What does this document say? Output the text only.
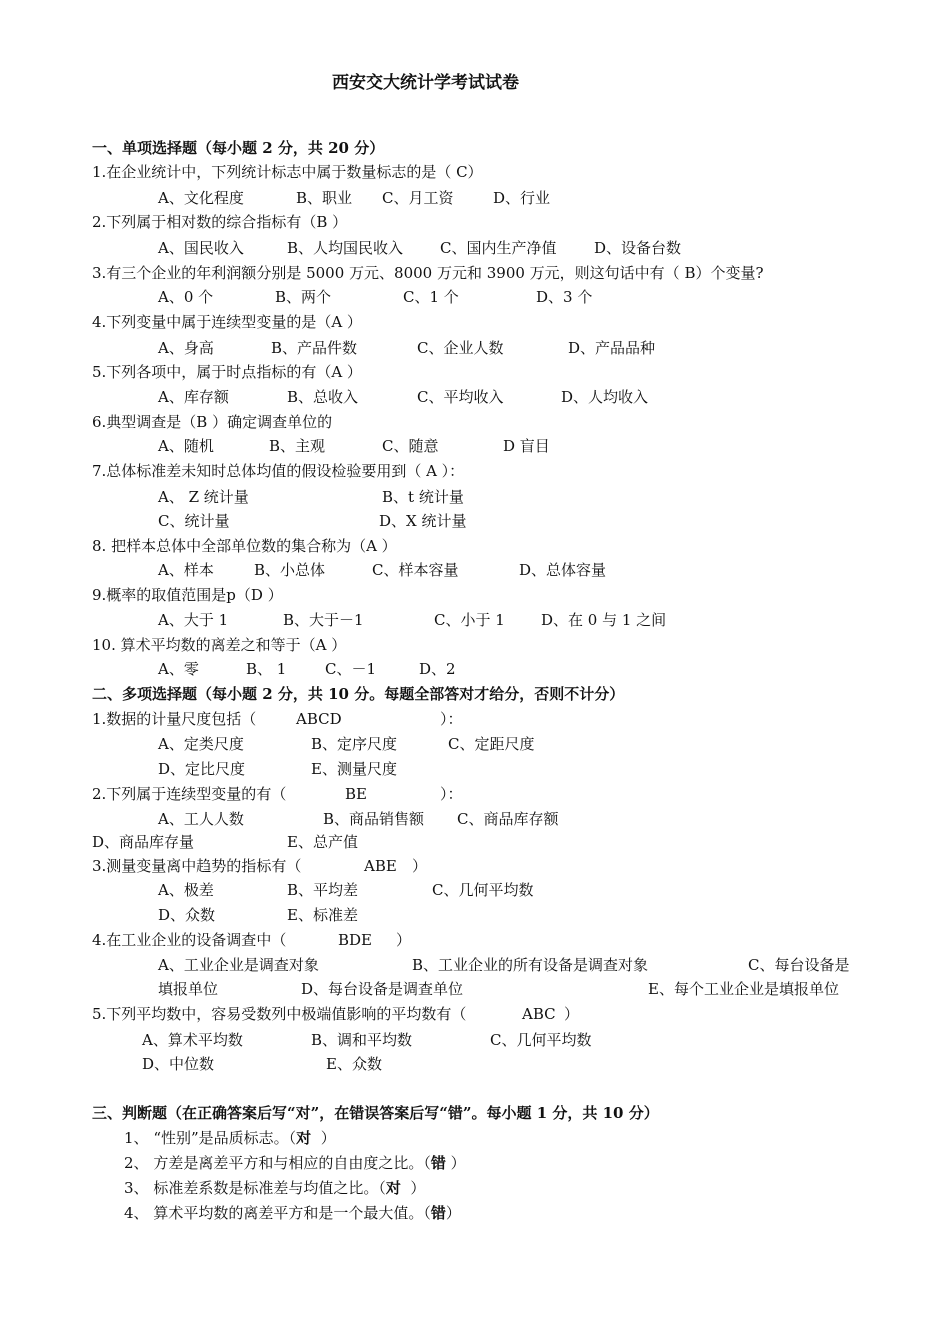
西安交大统计学考试试卷
一、单项选择题（每小题 2 分，共 20 分）
1.在企业统计中，下列统计标志中属于数量标志的是（ C）
A、文化程度	B、职业 C、月工资	D、行业
2.下列属于相对数的综合指标有（B ）
A、国民收入	B、人均国民收入 C、国内生产净值	D、设备台数
3.有三个企业的年利润额分别是 5000 万元、8000 万元和 3900 万元，则这句话中有（ B）个变量?
A、0 个	B、两个	C、1 个	D、3 个
4.下列变量中属于连续型变量的是（A ）
A、身高	B、产品件数	C、企业人数	D、产品品种
5.下列各项中，属于时点指标的有（A ）
A、库存额	B、总收入	C、平均收入	D、人均收入
6.典型调查是（B ）确定调查单位的
A、随机	B、主观	C、随意	D 盲目
7.总体标准差未知时总体均值的假设检验要用到（ A ）：
A、 Z 统计量	B、t 统计量
C、统计量	D、X 统计量
8. 把样本总体中全部单位数的集合称为（A ）
A、样本	B、小总体	C、样本容量	D、总体容量
9.概率的取值范围是p（D ）
A、大于 1	B、大于－1	C、小于 1 D、在 0 与 1 之间
10. 算术平均数的离差之和等于（A ）
A、零	B、 1	C、－1	D、2
二、多项选择题（每小题 2 分，共 10 分。每题全部答对才给分，否则不计分）
1.数据的计量尺度包括（	ABCD	）：
A、定类尺度	B、定序尺度	C、定距尺度
D、定比尺度	E、测量尺度
2.下列属于连续型变量的有（	BE	）：
A、工人人数	B、商品销售额 C、商品库存额
D、商品库存量	E、总产值
3.测量变量离中趋势的指标有（	ABE ）
A、极差	B、平均差	C、几何平均数
D、众数	E、标准差
4.在工业企业的设备调查中（	BDE ）
A、工业企业是调查对象	B、工业企业的所有设备是调查对象	C、每台设备是
填报单位	D、每台设备是调查单位	E、每个工业企业是填报单位
5.下列平均数中，容易受数列中极端值影响的平均数有（	ABC ）
A、算术平均数	B、调和平均数	C、几何平均数
D、中位数	E、众数
三、判断题（在正确答案后写“对”，在错误答案后写“错”。每小题 1 分，共 10 分）
1、 “性别”是品质标志。（对 ）
2、 方差是离差平方和与相应的自由度之比。（错 ）
3、 标准差系数是标准差与均值之比。（对 ）
4、 算术平均数的离差平方和是一个最大值。（错）
